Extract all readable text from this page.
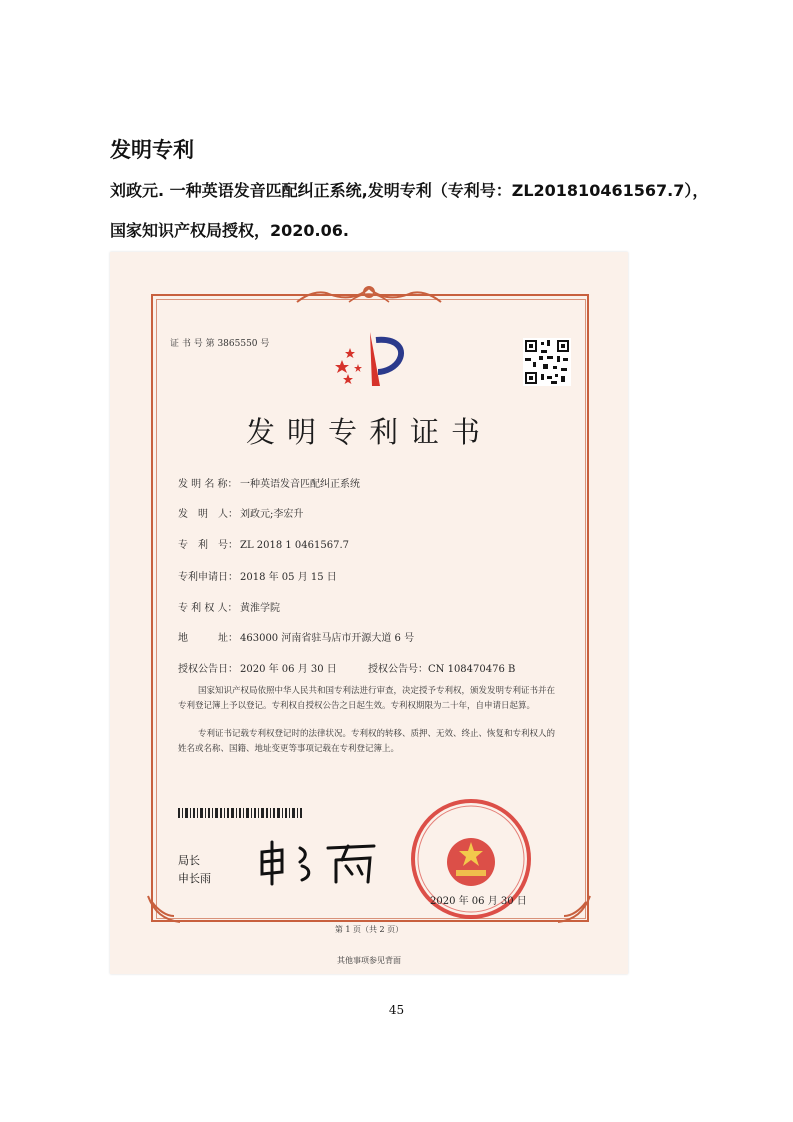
发明专利
刘政元. 一种英语发音匹配纠正系统,发明专利（专利号：ZL201810461567.7），
国家知识产权局授权，2020.06.
证 书 号 第 3865550 号
发明专利证书
发 明 名 称： 一种英语发音匹配纠正系统
发　明　人： 刘政元;李宏升
专　利　号： ZL 2018 1 0461567.7
专利申请日： 2018 年 05 月 15 日
专 利 权 人： 黄淮学院
地　　　址： 463000 河南省驻马店市开源大道 6 号
授权公告日： 2020 年 06 月 30 日	授权公告号：CN 108470476 B
国家知识产权局依照中华人民共和国专利法进行审查，决定授予专利权，颁发发明专利证书并在专利登记簿上予以登记。专利权自授权公告之日起生效。专利权期限为二十年，自申请日起算。
专利证书记载专利权登记时的法律状况。专利权的转移、质押、无效、终止、恢复和专利权人的姓名或名称、国籍、地址变更等事项记载在专利登记簿上。
局长
申长雨
2020 年 06 月 30 日
第 1 页（共 2 页）
其他事项参见背面
45
